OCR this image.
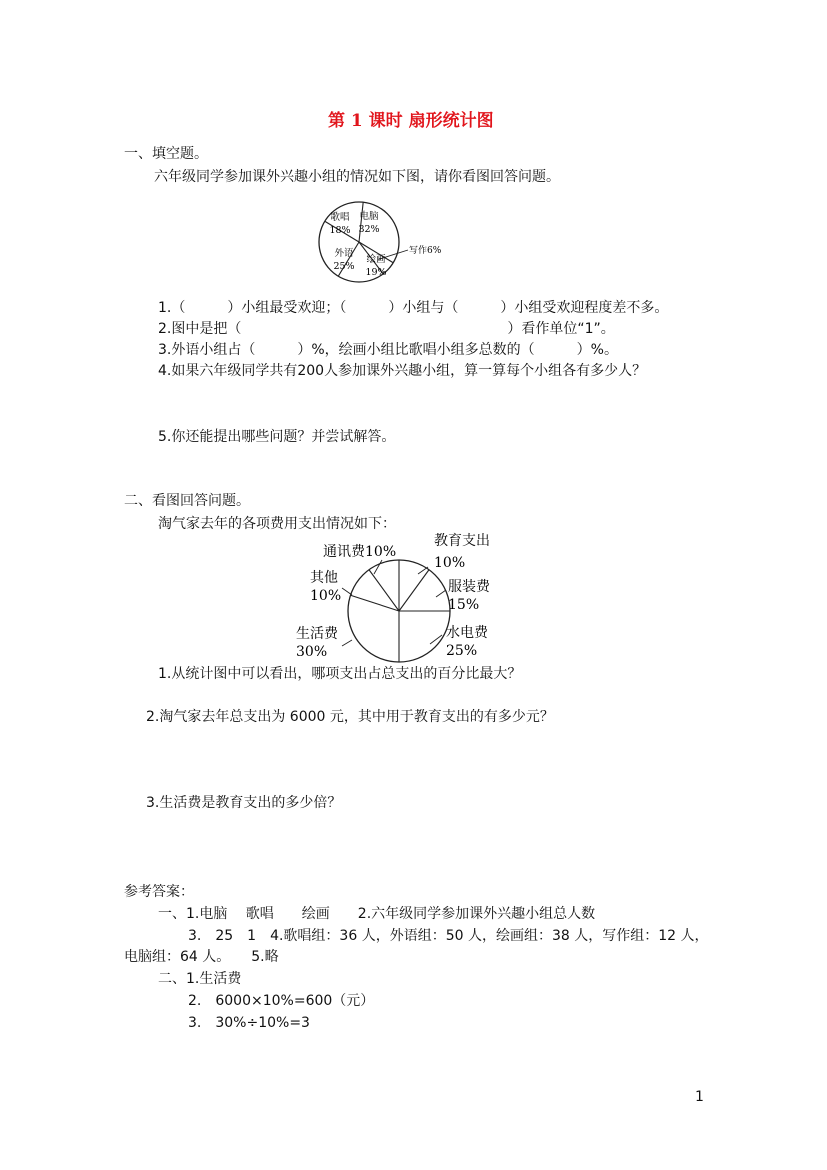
第 1 课时 扇形统计图
一、填空题。
六年级同学参加课外兴趣小组的情况如下图，请你看图回答问题。
电脑
32%
写作6%
绘画
19%
外语
25%
歌唱
18%
教育支出
10%
服装费
15%
水电费
25%
生活费
30%
其他
10%
通讯费10%
1.（　　　）小组最受欢迎；（　　　）小组与（　　　）小组受欢迎程度差不多。
2.图中是把（　　　　　　　　　　　　　　　　　　　）看作单位“1”。
3.外语小组占（　　　）%，绘画小组比歌唱小组多总数的（　　　）%。
4.如果六年级同学共有200人参加课外兴趣小组，算一算每个小组各有多少人？
5.你还能提出哪些问题？并尝试解答。
二、看图回答问题。
淘气家去年的各项费用支出情况如下：
1.从统计图中可以看出，哪项支出占总支出的百分比最大？
2.淘气家去年总支出为 6000 元，其中用于教育支出的有多少元？
3.生活费是教育支出的多少倍？
参考答案：
一、1.电脑　 歌唱　　绘画　　2.六年级同学参加课外兴趣小组总人数
3.　25　1　4.歌唱组：36 人，外语组：50 人，绘画组：38 人，写作组：12 人，
电脑组：64 人。　　5.略
二、1.生活费
2.　6000×10%=600（元）
3.　30%÷10%=3
1
